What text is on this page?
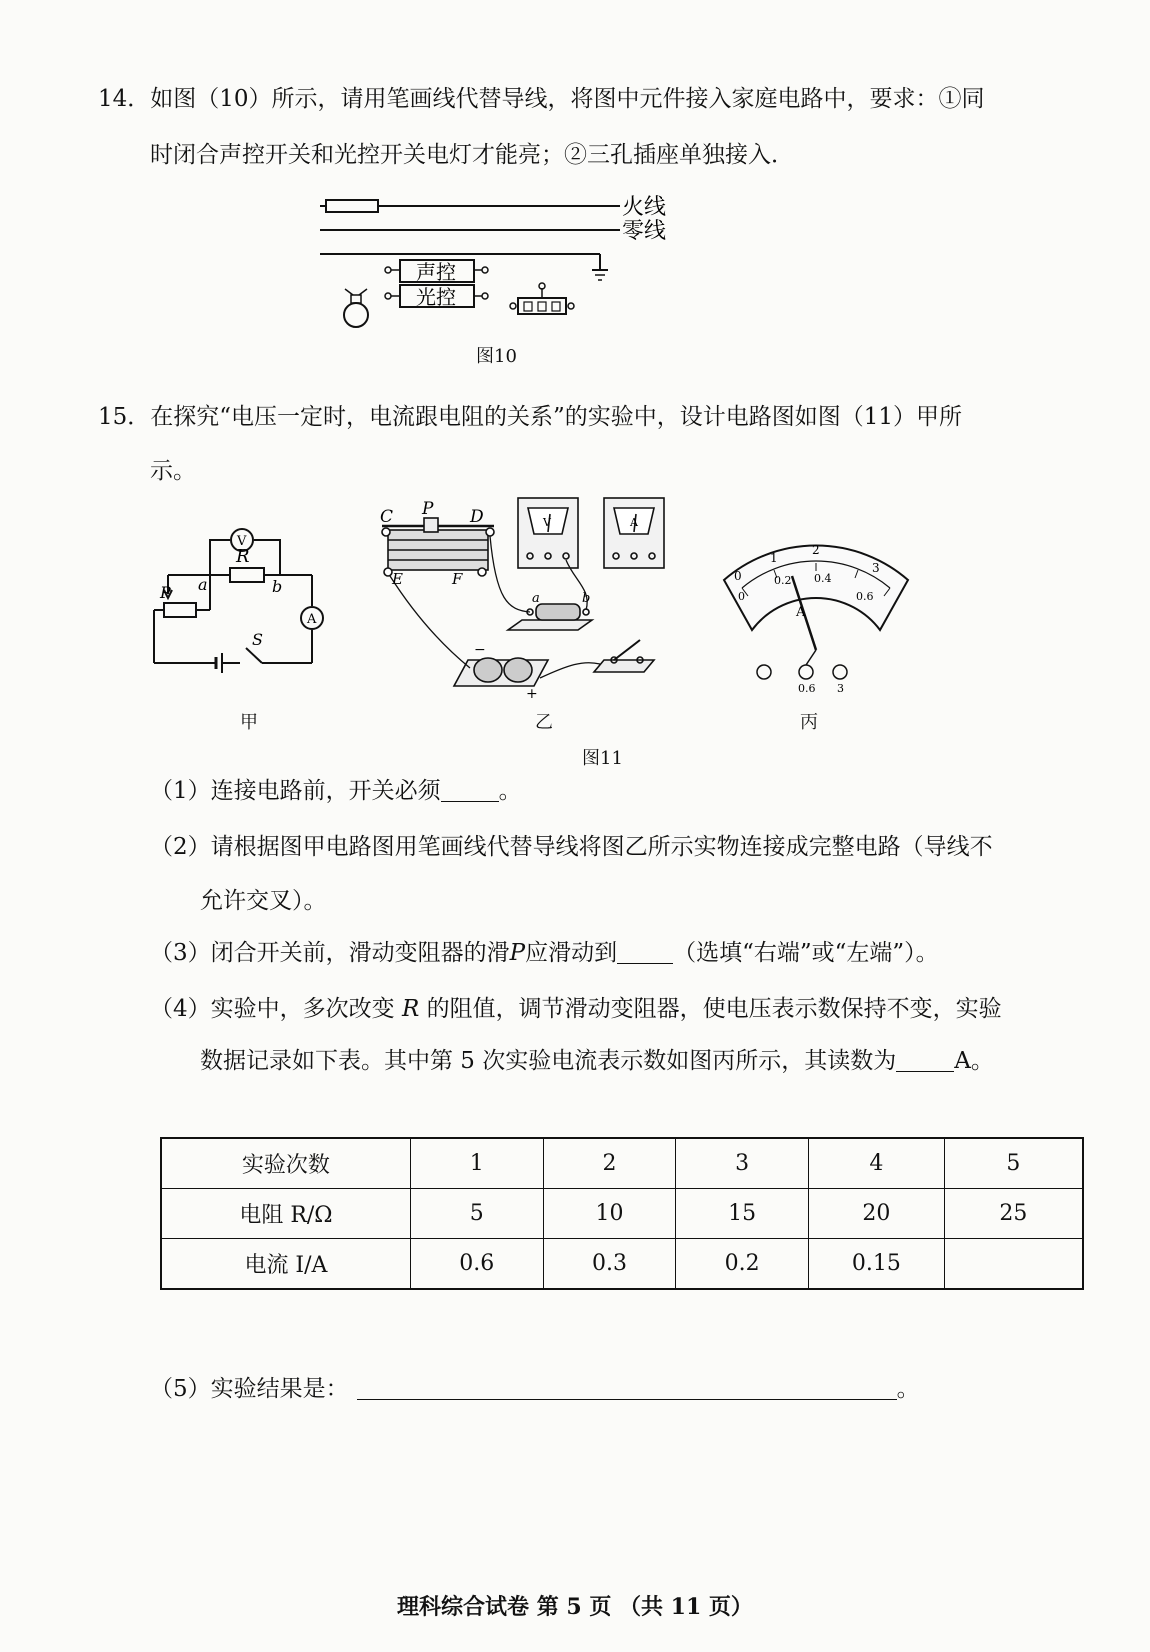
14．如图（10）所示，请用笔画线代替导线，将图中元件接入家庭电路中，要求：①同
时闭合声控开关和光控开关电灯才能亮；②三孔插座单独接入．
火线
零线
声控
光控
图10
15．在探究“电压一定时，电流跟电阻的关系”的实验中，设计电路图如图（11）甲所
示。
V
A
R
P a	b
S
甲
C P D
E	F
a	b
V	A
−
+
乙
0
1
2
3
0
0.2 0.4
0.6
A
0.6 3
丙
图11
（1）连接电路前，开关必须	。
（2）请根据图甲电路图用笔画线代替导线将图乙所示实物连接成完整电路（导线不
允许交叉）。
（3）闭合开关前，滑动变阻器的滑P应滑动到 （选填“右端”或“左端”）。
（4）实验中，多次改变 R 的阻值，调节滑动变阻器，使电压表示数保持不变，实验
数据记录如下表。其中第 5 次实验电流表示数如图丙所示，其读数为	A。
实验次数	1	2	3	4	5
电阻 R/Ω	5	10	15	20	25
电流 I/A	0.6	0.3	0.2	0.15	
（5）实验结果是：	。
理科综合试卷 第 5 页 （共 11 页）
